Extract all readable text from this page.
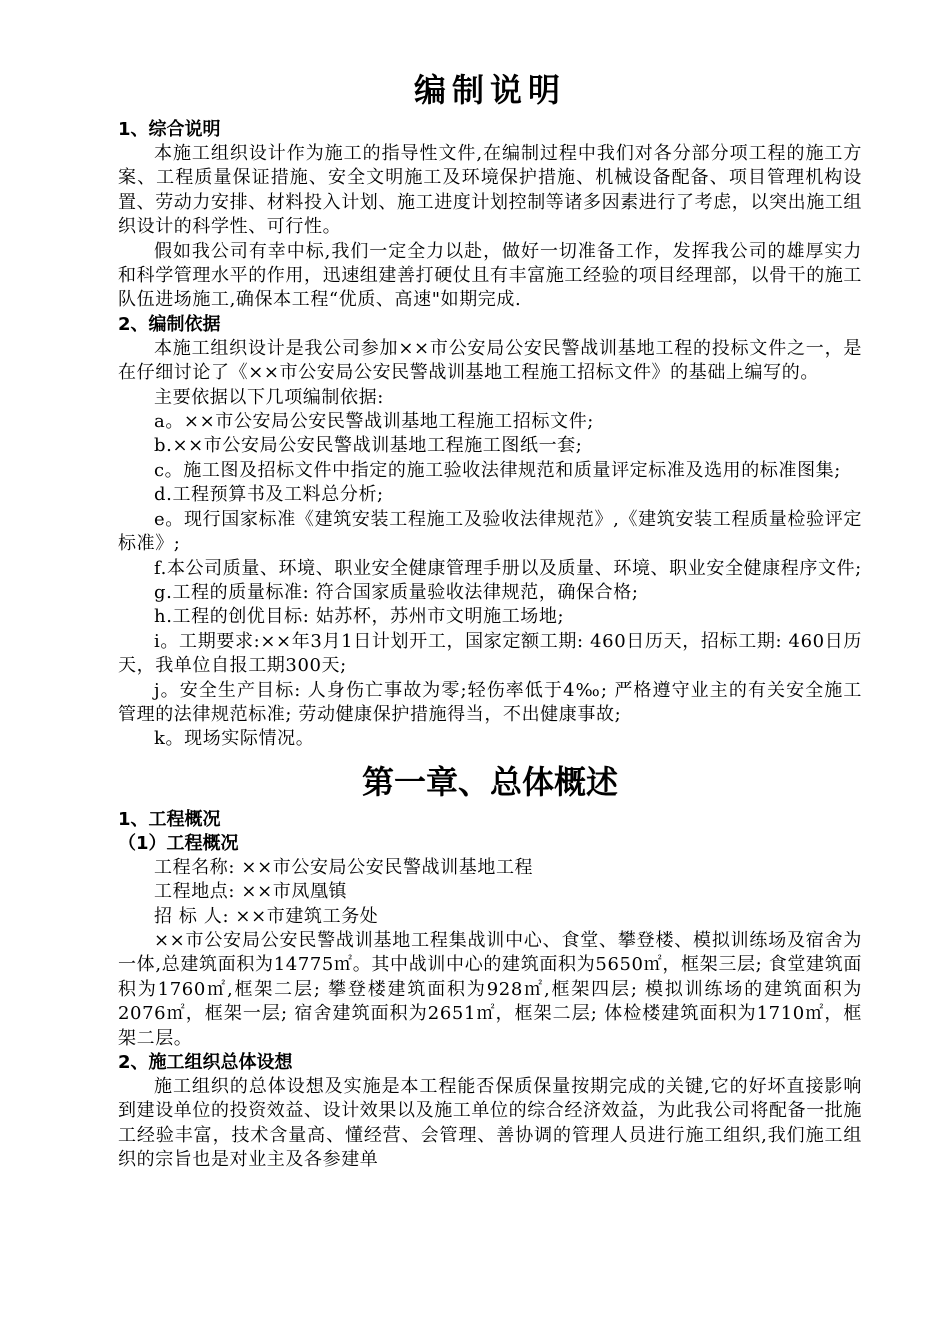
编制说明
1、综合说明

本施工组织设计作为施工的指导性文件,在编制过程中我们对各分部分项工程的施工方案、工程质量保证措施、安全文明施工及环境保护措施、机械设备配备、项目管理机构设置、劳动力安排、材料投入计划、施工进度计划控制等诸多因素进行了考虑，以突出施工组织设计的科学性、可行性。

假如我公司有幸中标,我们一定全力以赴，做好一切准备工作，发挥我公司的雄厚实力和科学管理水平的作用，迅速组建善打硬仗且有丰富施工经验的项目经理部，以骨干的施工队伍进场施工,确保本工程“优质、高速"如期完成.

2、编制依据

本施工组织设计是我公司参加××市公安局公安民警战训基地工程的投标文件之一，是在仔细讨论了《××市公安局公安民警战训基地工程施工招标文件》的基础上编写的。

主要依据以下几项编制依据:

a。××市公安局公安民警战训基地工程施工招标文件;

b.××市公安局公安民警战训基地工程施工图纸一套;

c。施工图及招标文件中指定的施工验收法律规范和质量评定标准及选用的标准图集;

d.工程预算书及工料总分析;

e。现行国家标准《建筑安装工程施工及验收法律规范》,《建筑安装工程质量检验评定标准》;

f.本公司质量、环境、职业安全健康管理手册以及质量、环境、职业安全健康程序文件;

g.工程的质量标准: 符合国家质量验收法律规范，确保合格;

h.工程的创优目标: 姑苏杯，苏州市文明施工场地;

i。工期要求:××年3月1日计划开工，国家定额工期: 460日历天，招标工期: 460日历天，我单位自报工期300天;

j。安全生产目标: 人身伤亡事故为零;轻伤率低于4‰; 严格遵守业主的有关安全施工管理的法律规范标准; 劳动健康保护措施得当，不出健康事故;

k。现场实际情况。

第一章、总体概述
1、工程概况
（1）工程概况

工程名称: ××市公安局公安民警战训基地工程

工程地点: ××市凤凰镇

招 标 人: ××市建筑工务处

××市公安局公安民警战训基地工程集战训中心、食堂、攀登楼、模拟训练场及宿舍为一体,总建筑面积为14775㎡。其中战训中心的建筑面积为5650㎡，框架三层; 食堂建筑面积为1760㎡,框架二层; 攀登楼建筑面积为928㎡,框架四层; 模拟训练场的建筑面积为2076㎡，框架一层; 宿舍建筑面积为2651㎡，框架二层; 体检楼建筑面积为1710㎡，框架二层。

2、施工组织总体设想

施工组织的总体设想及实施是本工程能否保质保量按期完成的关键,它的好坏直接影响到建设单位的投资效益、设计效果以及施工单位的综合经济效益，为此我公司将配备一批施工经验丰富，技术含量高、懂经营、会管理、善协调的管理人员进行施工组织,我们施工组织的宗旨也是对业主及各参建单
